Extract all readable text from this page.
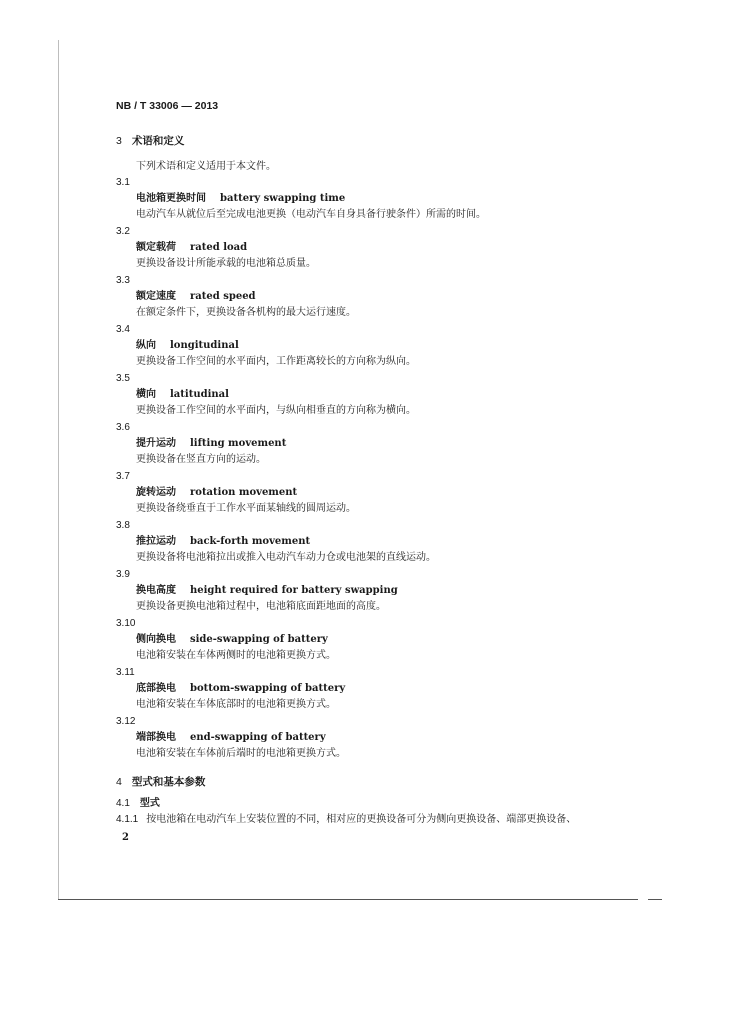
NB / T 33006 — 2013
3 术语和定义
下列术语和定义适用于本文件。
3.1
电池箱更换时间 battery swapping time
电动汽车从就位后至完成电池更换（电动汽车自身具备行驶条件）所需的时间。
3.2
额定载荷 rated load
更换设备设计所能承载的电池箱总质量。
3.3
额定速度 rated speed
在额定条件下，更换设备各机构的最大运行速度。
3.4
纵向 longitudinal
更换设备工作空间的水平面内，工作距离较长的方向称为纵向。
3.5
横向 latitudinal
更换设备工作空间的水平面内，与纵向相垂直的方向称为横向。
3.6
提升运动 lifting movement
更换设备在竖直方向的运动。
3.7
旋转运动 rotation movement
更换设备绕垂直于工作水平面某轴线的圆周运动。
3.8
推拉运动 back-forth movement
更换设备将电池箱拉出或推入电动汽车动力仓或电池架的直线运动。
3.9
换电高度 height required for battery swapping
更换设备更换电池箱过程中，电池箱底面距地面的高度。
3.10
侧向换电 side-swapping of battery
电池箱安装在车体两侧时的电池箱更换方式。
3.11
底部换电 bottom-swapping of battery
电池箱安装在车体底部时的电池箱更换方式。
3.12
端部换电 end-swapping of battery
电池箱安装在车体前后端时的电池箱更换方式。
4 型式和基本参数
4.1 型式
4.1.1 按电池箱在电动汽车上安装位置的不同，相对应的更换设备可分为侧向更换设备、端部更换设备、
2
